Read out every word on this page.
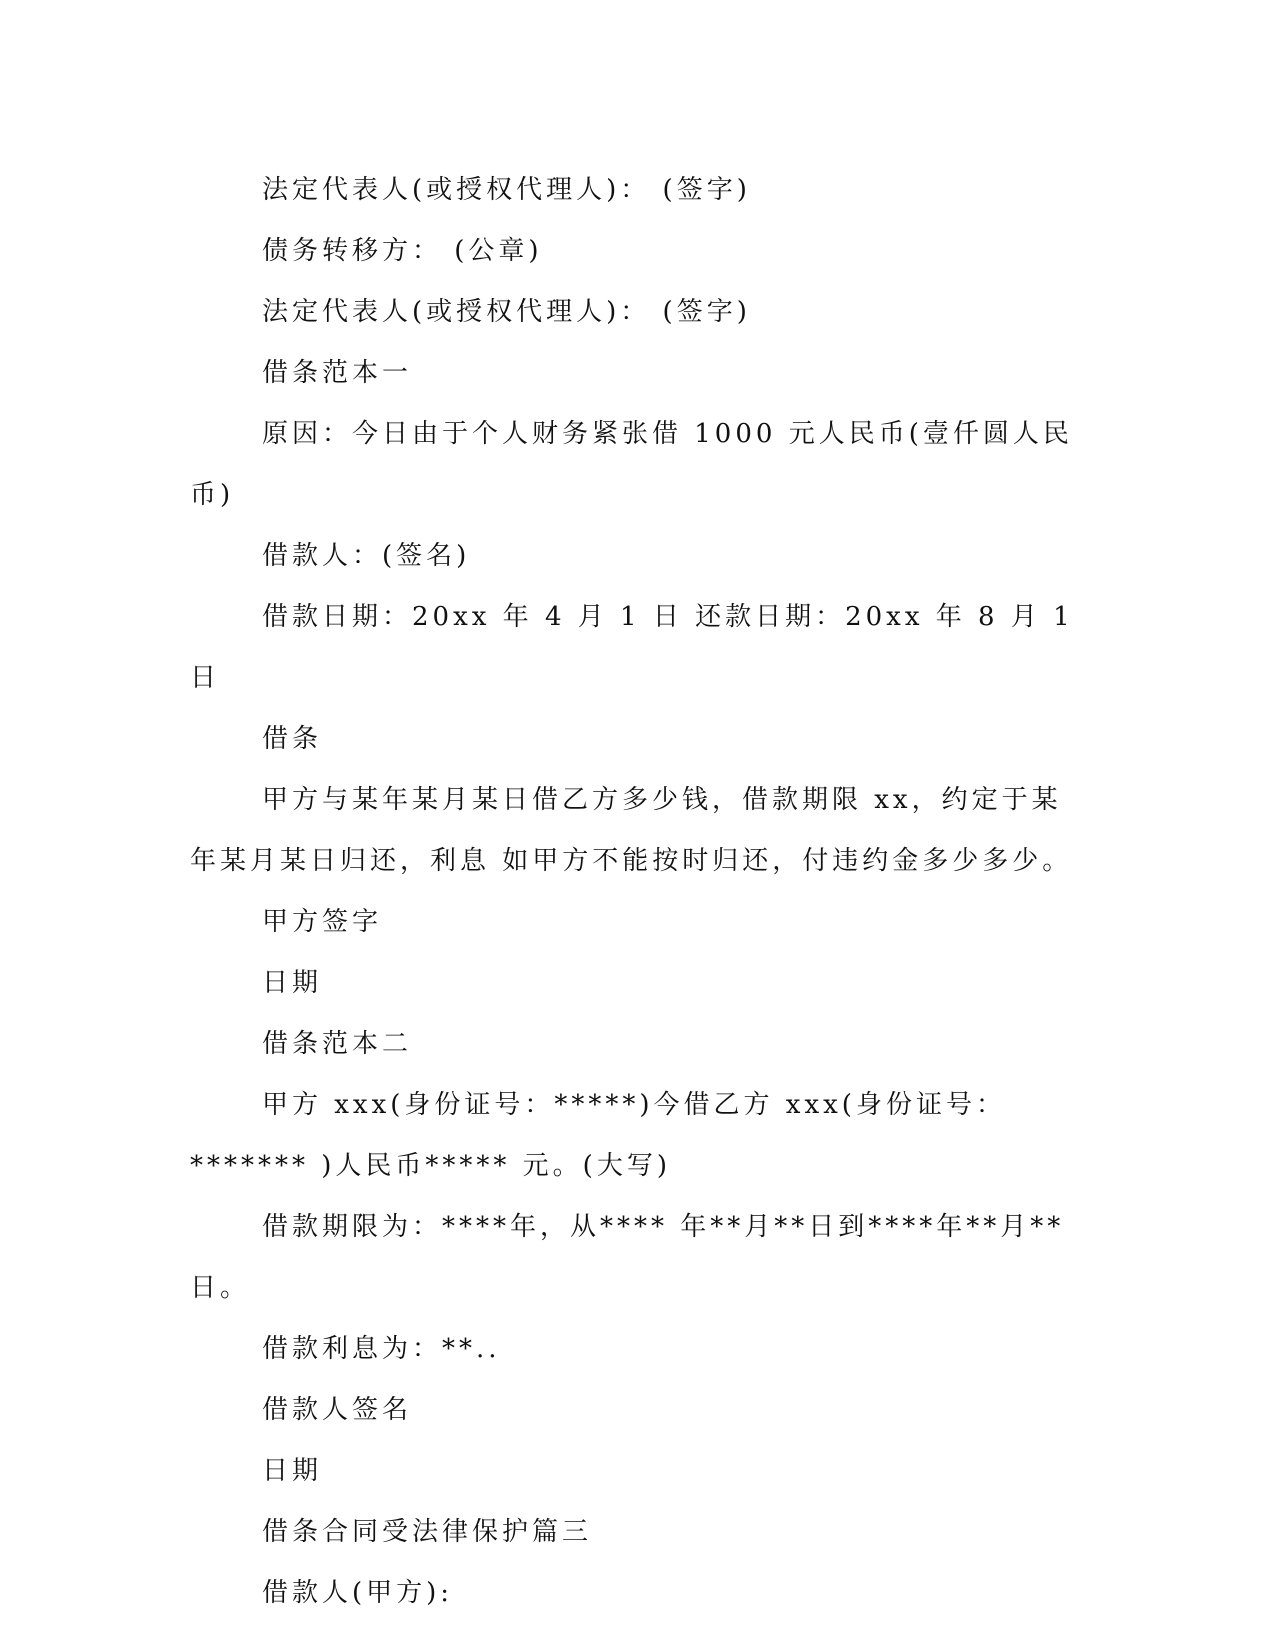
法定代表人(或授权代理人)： (签字)

债务转移方： (公章)

法定代表人(或授权代理人)： (签字)

借条范本一

原因：今日由于个人财务紧张借 1000 元人民币(壹仟圆人民币)

借款人：(签名)

借款日期：20xx 年 4 月 1 日 还款日期：20xx 年 8 月 1 日

借条

甲方与某年某月某日借乙方多少钱，借款期限 xx，约定于某年某月某日归还，利息 如甲方不能按时归还，付违约金多少多少。

甲方签字

日期

借条范本二

甲方 xxx(身份证号：*****)今借乙方 xxx(身份证号：******* )人民币***** 元。(大写)

借款期限为：****年，从**** 年**月**日到****年**月**日。

借款利息为：**..

借款人签名

日期

借条合同受法律保护篇三

借款人(甲方):
